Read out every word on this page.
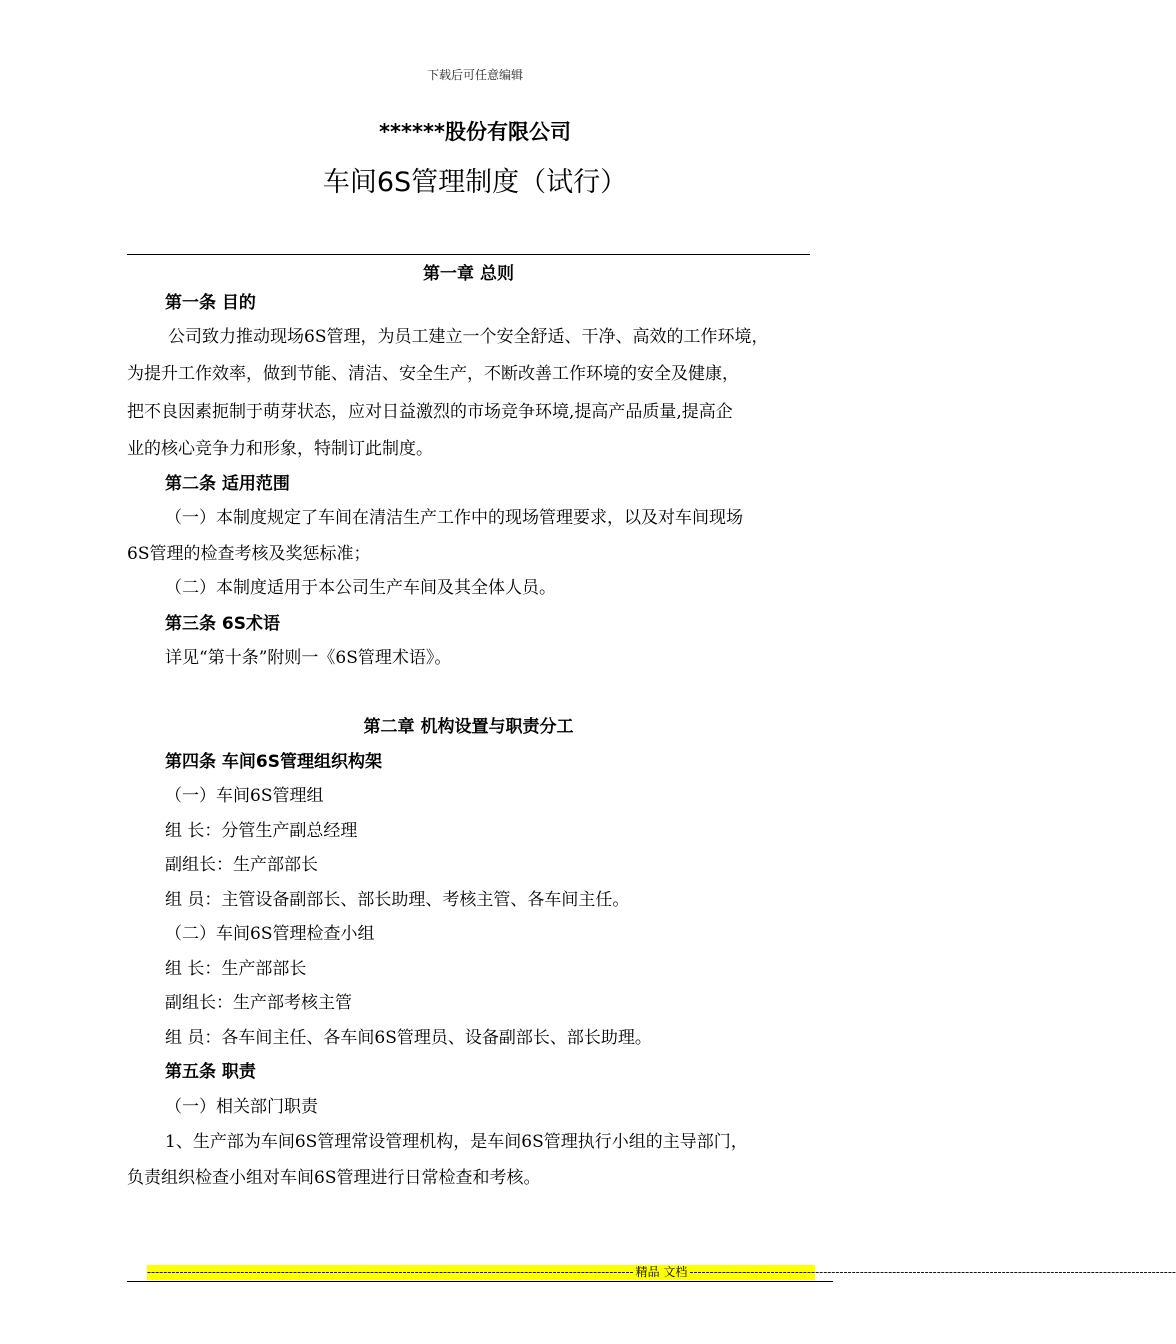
下载后可任意编辑
******股份有限公司
车间6S管理制度（试行）
第一章 总则
第一条 目的
公司致力推动现场6S管理，为员工建立一个安全舒适、干净、高效的工作环境，
为提升工作效率，做到节能、清洁、安全生产，不断改善工作环境的安全及健康，
把不良因素扼制于萌芽状态，应对日益激烈的市场竞争环境,提高产品质量,提高企
业的核心竞争力和形象，特制订此制度。
第二条 适用范围
（一）本制度规定了车间在清洁生产工作中的现场管理要求，以及对车间现场
6S管理的检查考核及奖惩标准；
（二）本制度适用于本公司生产车间及其全体人员。
第三条 6S术语
详见“第十条”附则一《6S管理术语》。
第二章 机构设置与职责分工
第四条 车间6S管理组织构架
（一）车间6S管理组
组 长：分管生产副总经理
副组长：生产部部长
组 员：主管设备副部长、部长助理、考核主管、各车间主任。
（二）车间6S管理检查小组
组 长：生产部部长
副组长：生产部考核主管
组 员：各车间主任、各车间6S管理员、设备副部长、部长助理。
第五条 职责
（一）相关部门职责
1、生产部为车间6S管理常设管理机构，是车间6S管理执行小组的主导部门，
负责组织检查小组对车间6S管理进行日常检查和考核。
------------------------------------------------------------------------------------------------------------------------ 精品 文档 ------------------------------------------------------------------------------------------------------------------------
